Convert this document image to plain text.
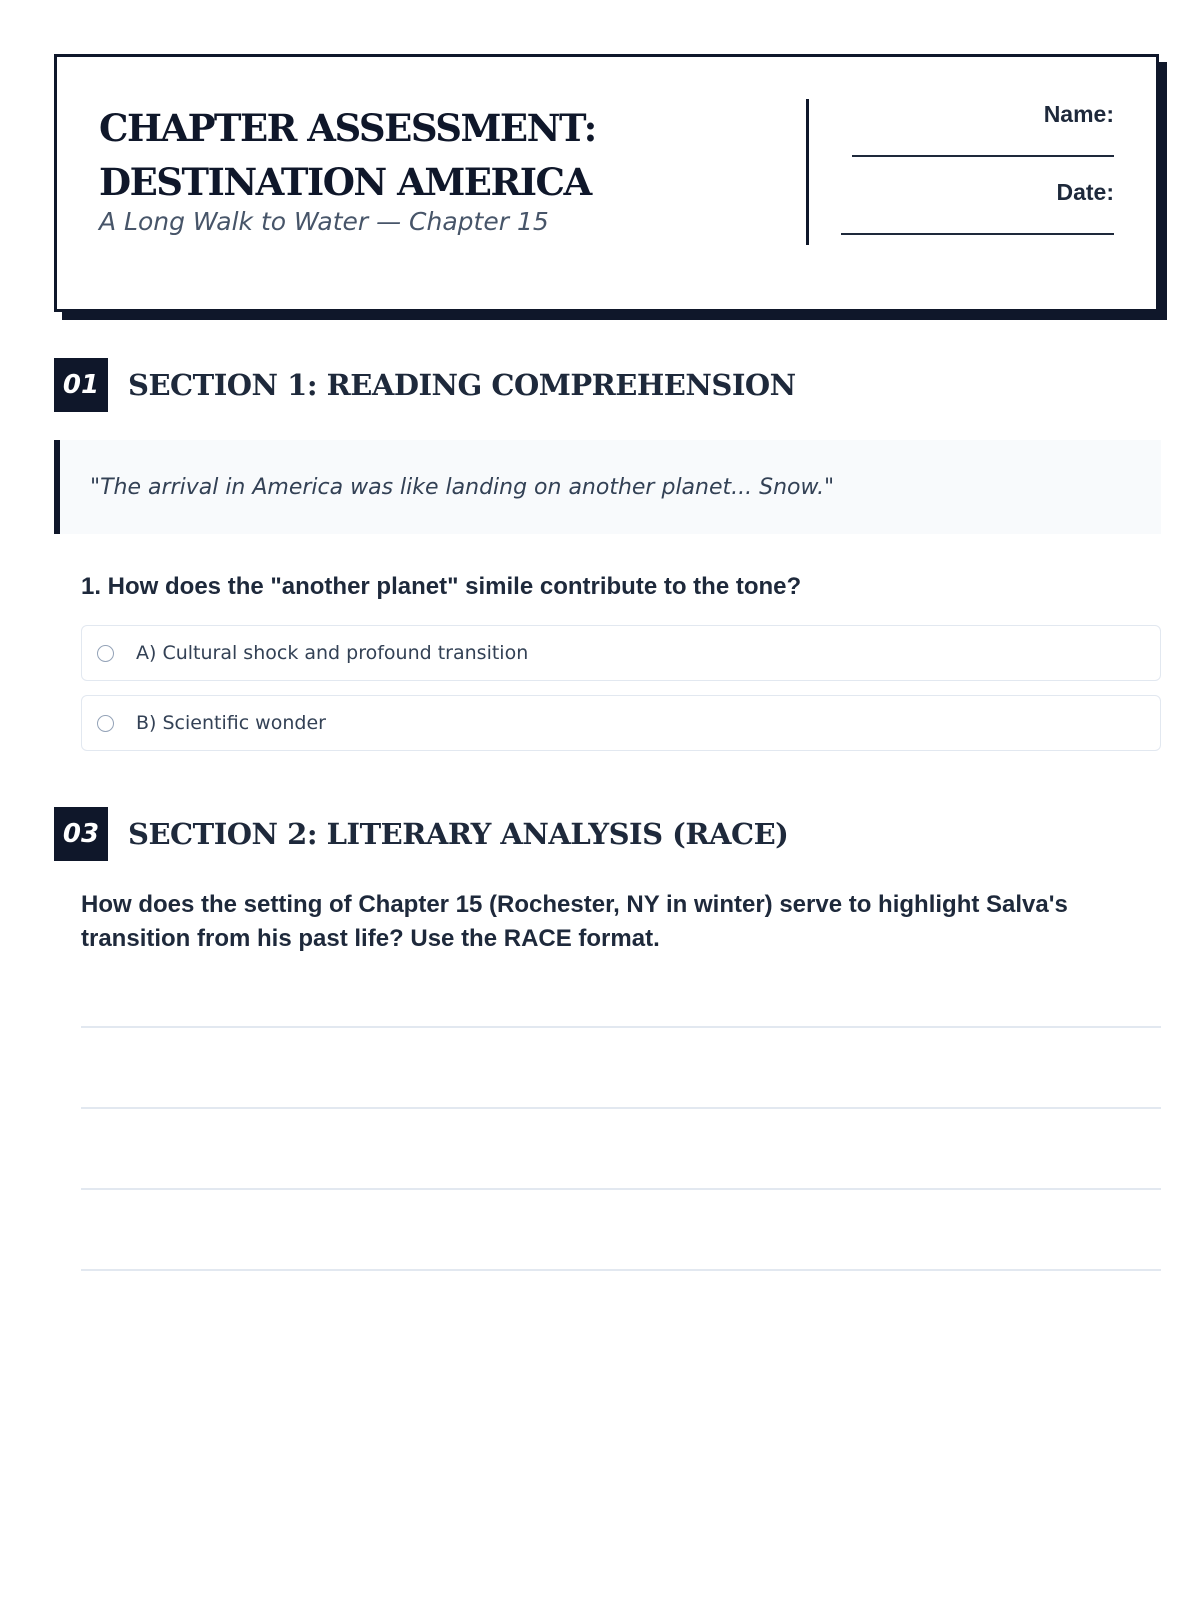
CHAPTER ASSESSMENT: DESTINATION AMERICA

A Long Walk to Water — Chapter 15

Name:
Date:
01 SECTION 1: READING COMPREHENSION
"The arrival in America was like landing on another planet... Snow."

1. How does the "another planet" simile contribute to the tone?

A) Cultural shock and profound transition
B) Scientific wonder
03 SECTION 2: LITERARY ANALYSIS (RACE)

How does the setting of Chapter 15 (Rochester, NY in winter) serve to highlight Salva's transition from his past life? Use the RACE format.
